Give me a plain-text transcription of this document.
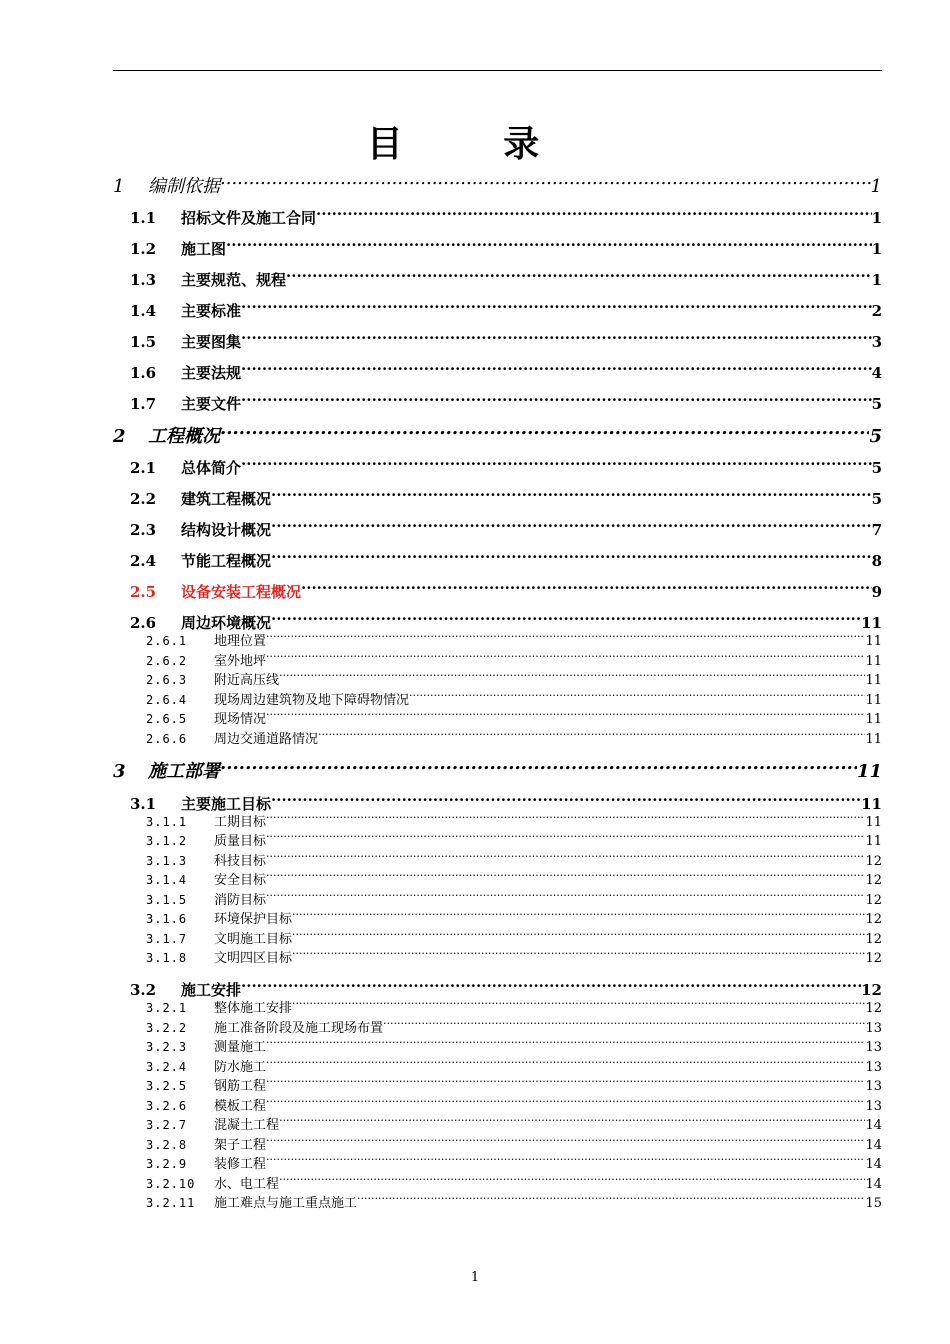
目 录
1	编制依据 .....	1
1.1	招标文件及施工合同 .....	1
1.2	施工图 .....	1
1.3	主要规范、规程 .....	1
1.4	主要标准 .....	2
1.5	主要图集 .....	3
1.6	主要法规 .....	4
1.7	主要文件 .....	5
2	工程概况 .....	5
2.1	总体简介 .....	5
2.2	建筑工程概况 .....	5
2.3	结构设计概况 .....	7
2.4	节能工程概况 .....	8
2.5	设备安装工程概况 .....	9
2.6	周边环境概况 .....	11
2.6.1	地理位置 .....	11
2.6.2	室外地坪 .....	11
2.6.3	附近高压线 .....	11
2.6.4	现场周边建筑物及地下障碍物情况 .....	11
2.6.5	现场情况 .....	11
2.6.6	周边交通道路情况 .....	11
3	施工部署 .....	11
3.1	主要施工目标 .....	11
3.1.1	工期目标 .....	11
3.1.2	质量目标 .....	11
3.1.3	科技目标 .....	12
3.1.4	安全目标 .....	12
3.1.5	消防目标 .....	12
3.1.6	环境保护目标 .....	12
3.1.7	文明施工目标 .....	12
3.1.8	文明四区目标 .....	12
3.2	施工安排 .....	12
3.2.1	整体施工安排 .....	12
3.2.2	施工准备阶段及施工现场布置 .....	13
3.2.3	测量施工 .....	13
3.2.4	防水施工 .....	13
3.2.5	钢筋工程 .....	13
3.2.6	模板工程 .....	13
3.2.7	混凝土工程 .....	14
3.2.8	架子工程 .....	14
3.2.9	装修工程 .....	14
3.2.10	水、电工程 .....	14
3.2.11	施工难点与施工重点施工 .....	15
1
